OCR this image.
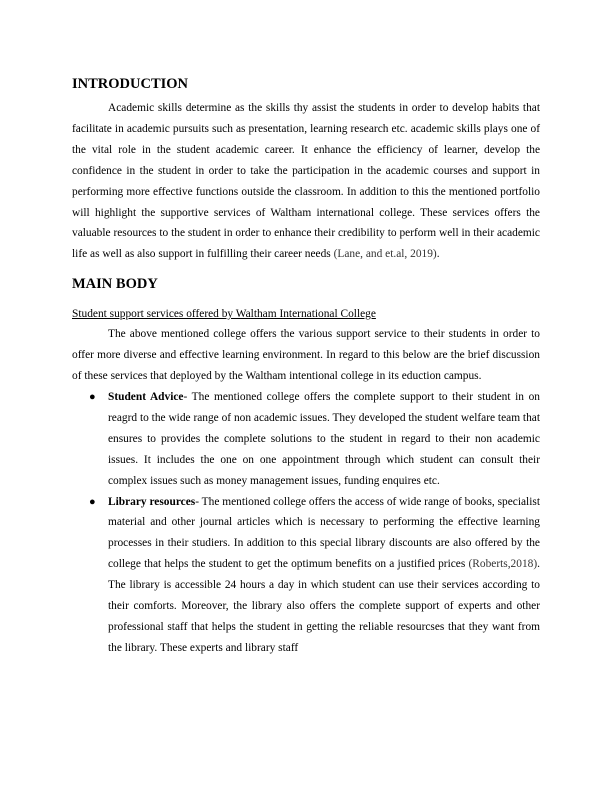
INTRODUCTION

Academic skills determine as the skills thy assist the students in order to develop habits that facilitate in academic pursuits such as presentation, learning research etc. academic skills plays one of the vital role in the student academic career. It enhance the efficiency of learner, develop the confidence in the student in order to take the participation in the academic courses and support in performing more effective functions outside the classroom. In addition to this the mentioned portfolio will highlight the supportive services of Waltham international college. These services offers the valuable resources to the student in order to enhance their credibility to perform well in their academic life as well as also support in fulfilling their career needs (Lane, and et.al, 2019).

MAIN BODY
Student support services offered by Waltham International College

The above mentioned college offers the various support service to their students in order to offer more diverse and effective learning environment. In regard to this below are the brief discussion of these services that deployed by the Waltham intentional college in its eduction campus.

● Student Advice- The mentioned college offers the complete support to their student in on reagrd to the wide range of non academic issues. They developed the student welfare team that ensures to provides the complete solutions to the student in regard to their non academic issues. It includes the one on one appointment through which student can consult their complex issues such as money management issues, funding enquires etc.
● Library resources- The mentioned college offers the access of wide range of books, specialist material and other journal articles which is necessary to performing the effective learning processes in their studiers. In addition to this special library discounts are also offered by the college that helps the student to get the optimum benefits on a justified prices (Roberts,2018). The library is accessible 24 hours a day in which student can use their services according to their comforts. Moreover, the library also offers the complete support of experts and other professional staff that helps the student in getting the reliable resourcses that they want from the library. These experts and library staff
